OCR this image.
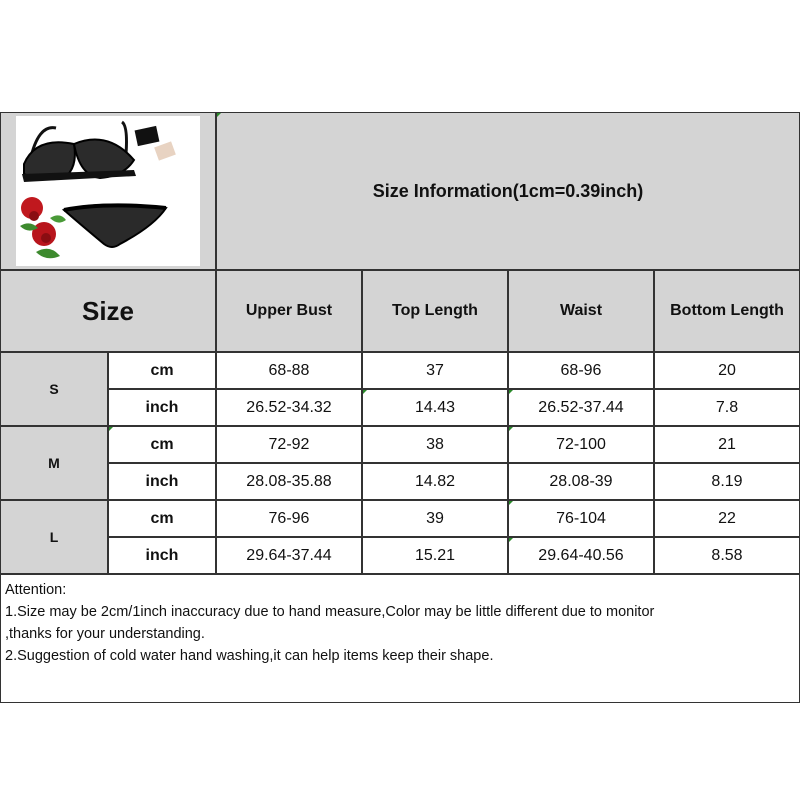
Size Information(1cm=0.39inch)
Size	Upper Bust	Top Length	Waist	Bottom Length
S
cm	68-88	37	68-96	20
inch	26.52-34.32	14.43	26.52-37.44	7.8
M
cm	72-92	38	72-100	21
inch	28.08-35.88	14.82	28.08-39	8.19
L
cm	76-96	39	76-104	22
inch	29.64-37.44	15.21	29.64-40.56	8.58
Attention:
1.Size may be 2cm/1inch inaccuracy due to hand measure,Color may be little different due to monitor
,thanks for your understanding.
2.Suggestion of cold water hand washing,it can help items keep their shape.
